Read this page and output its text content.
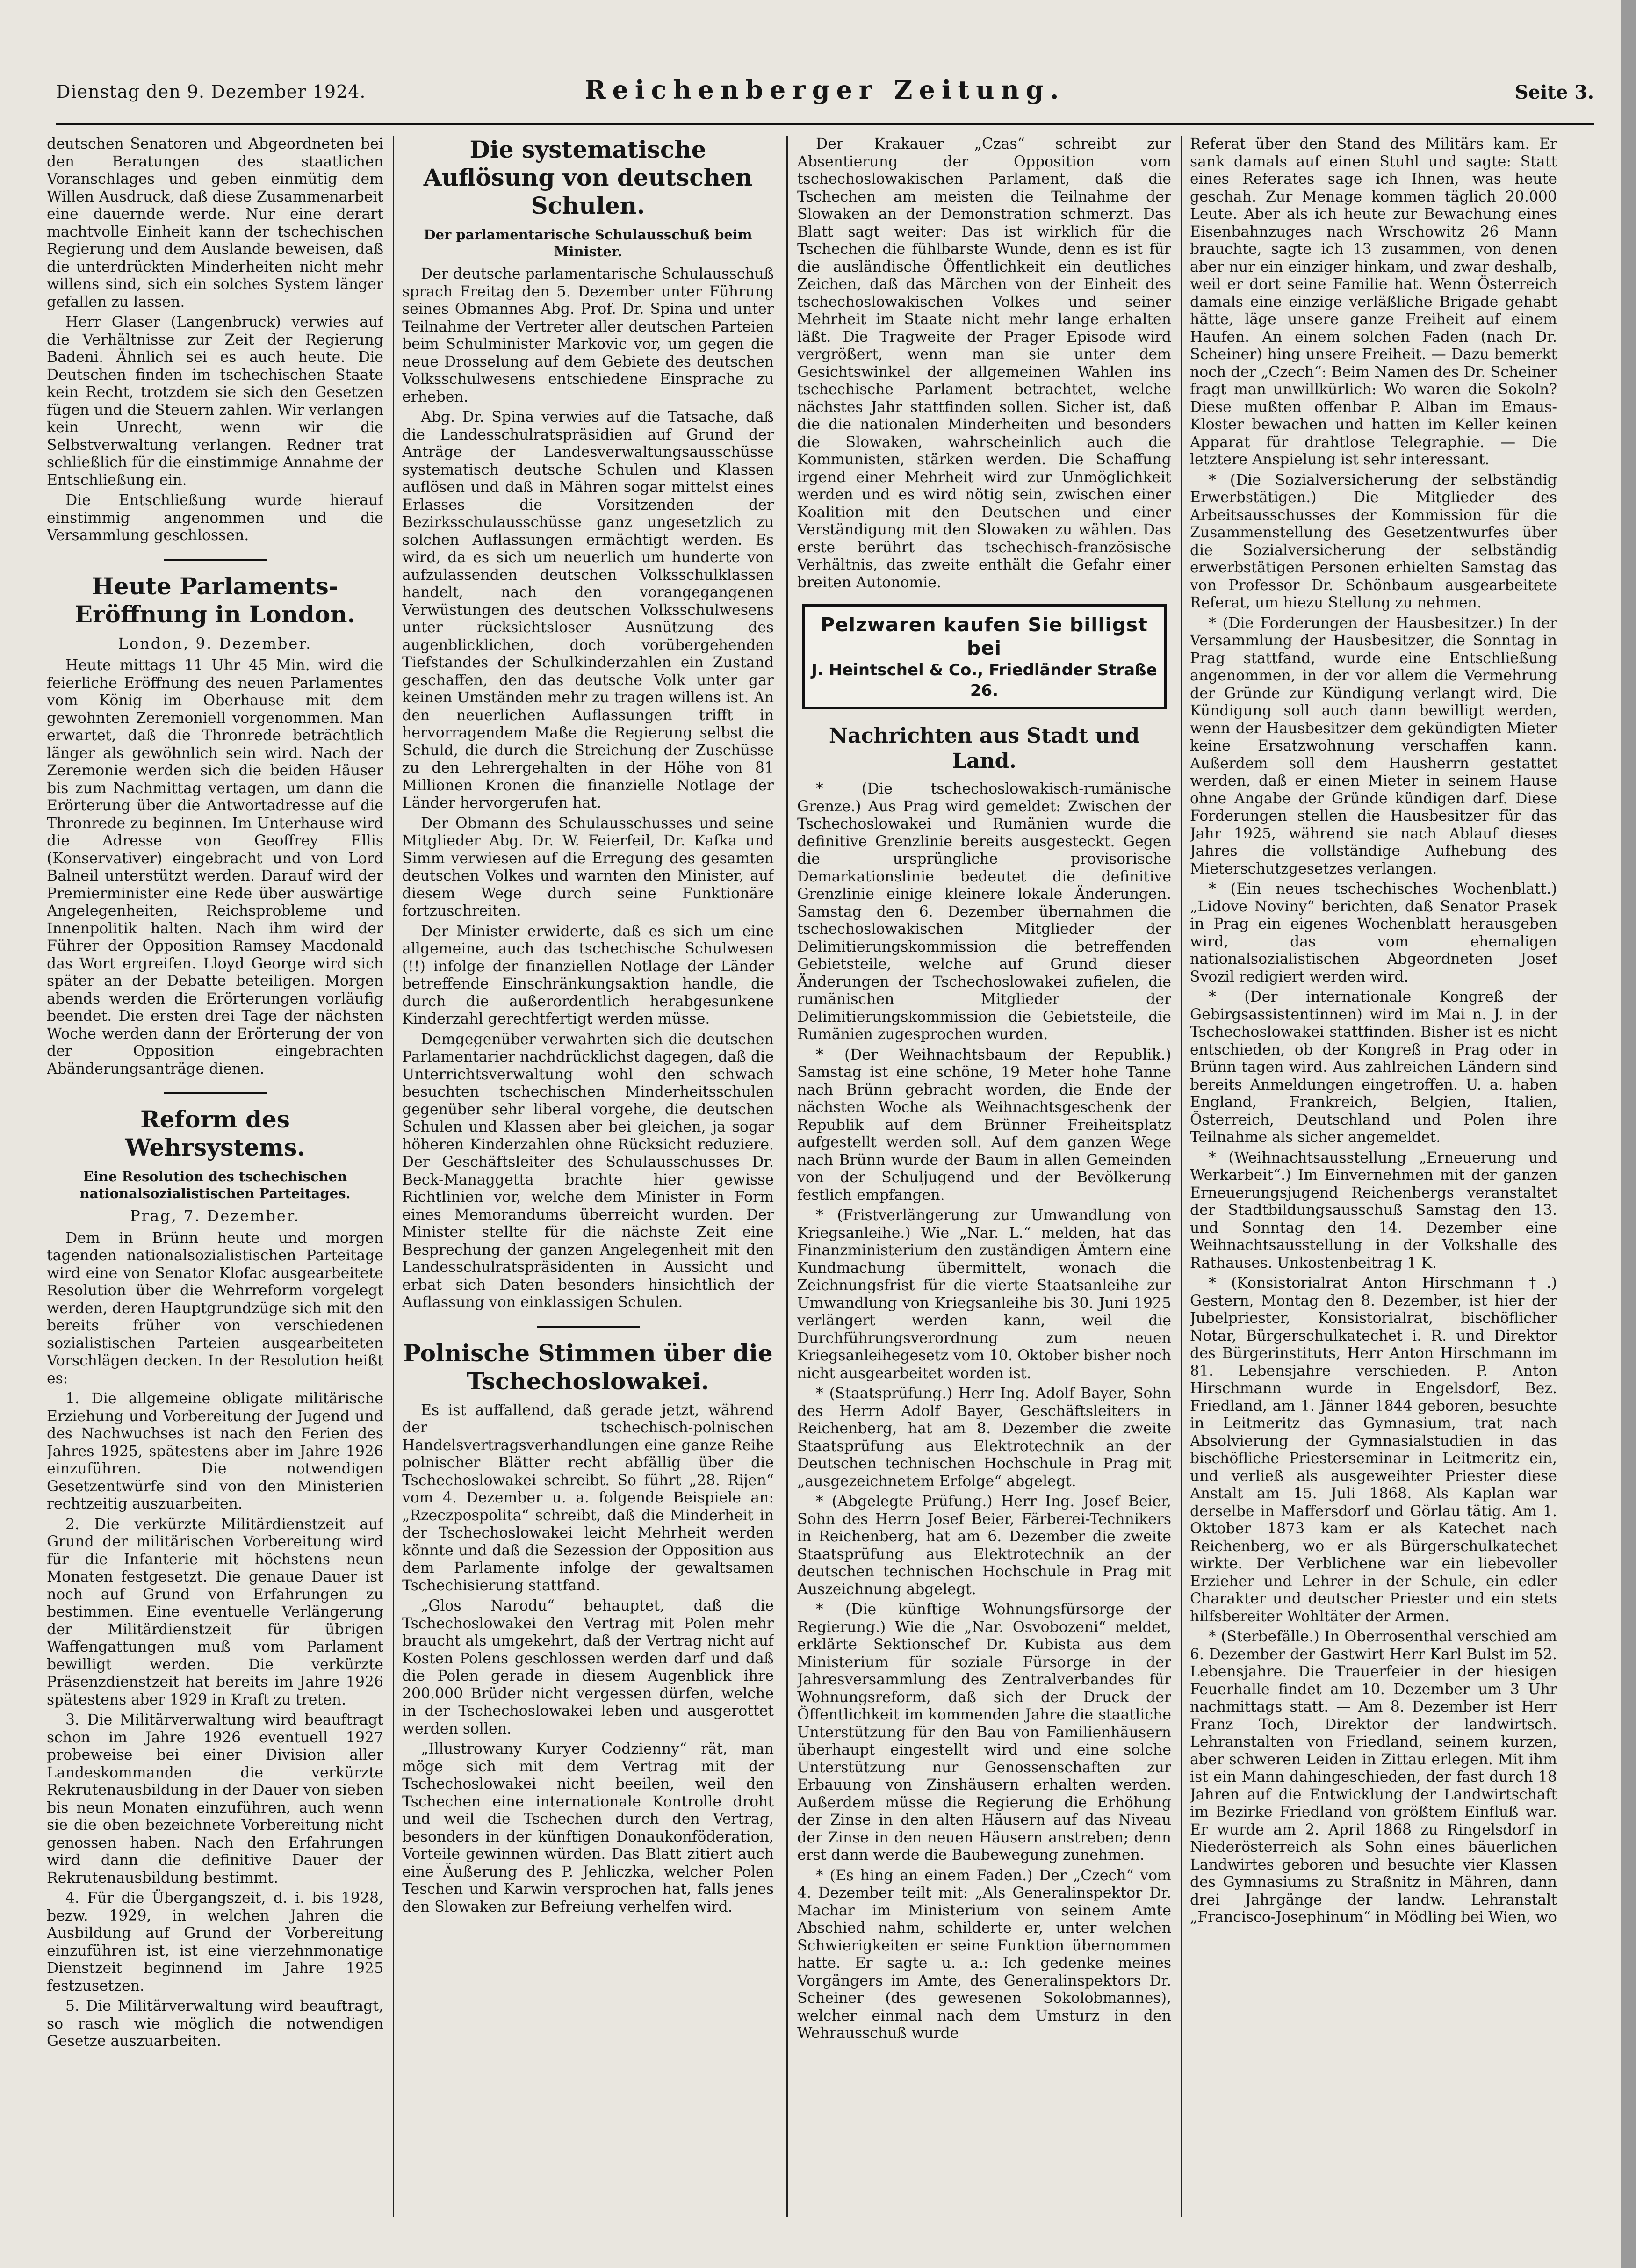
Dienstag den 9. Dezember 1924.	Reichenberger Zeitung.	Seite 3.

deutschen Senatoren und Abgeordneten bei den Beratungen des staatlichen Voranschlages und geben einmütig dem Willen Ausdruck, daß diese Zusammenarbeit eine dauernde werde. Nur eine derart machtvolle Einheit kann der tschechischen Regierung und dem Auslande beweisen, daß die unterdrückten Minderheiten nicht mehr willens sind, sich ein solches System länger gefallen zu lassen.

Herr Glaser (Langenbruck) verwies auf die Verhältnisse zur Zeit der Regierung Badeni. Ähnlich sei es auch heute. Die Deutschen finden im tschechischen Staate kein Recht, trotzdem sie sich den Gesetzen fügen und die Steuern zahlen. Wir verlangen kein Unrecht, wenn wir die Selbstverwaltung verlangen. Redner trat schließlich für die einstimmige Annahme der Entschließung ein.

Die Entschließung wurde hierauf einstimmig angenommen und die Versammlung geschlossen.

Heute Parlaments-Eröffnung in London.
London, 9. Dezember.

Heute mittags 11 Uhr 45 Min. wird die feierliche Eröffnung des neuen Parlamentes vom König im Oberhause mit dem gewohnten Zeremoniell vorgenommen. Man erwartet, daß die Thronrede beträchtlich länger als gewöhnlich sein wird. Nach der Zeremonie werden sich die beiden Häuser bis zum Nachmittag vertagen, um dann die Erörterung über die Antwortadresse auf die Thronrede zu beginnen. Im Unterhause wird die Adresse von Geoffrey Ellis (Konservativer) eingebracht und von Lord Balneil unterstützt werden. Darauf wird der Premierminister eine Rede über auswärtige Angelegenheiten, Reichsprobleme und Innenpolitik halten. Nach ihm wird der Führer der Opposition Ramsey Macdonald das Wort ergreifen. Lloyd George wird sich später an der Debatte beteiligen. Morgen abends werden die Erörterungen vorläufig beendet. Die ersten drei Tage der nächsten Woche werden dann der Erörterung der von der Opposition eingebrachten Abänderungsanträge dienen.

Reform des Wehrsystems.
Eine Resolution des tschechischen nationalsozialistischen Parteitages.
Prag, 7. Dezember.

Dem in Brünn heute und morgen tagenden nationalsozialistischen Parteitage wird eine von Senator Klofac ausgearbeitete Resolution über die Wehrreform vorgelegt werden, deren Hauptgrundzüge sich mit den bereits früher von verschiedenen sozialistischen Parteien ausgearbeiteten Vorschlägen decken. In der Resolution heißt es:

1. Die allgemeine obligate militärische Erziehung und Vorbereitung der Jugend und des Nachwuchses ist nach den Ferien des Jahres 1925, spätestens aber im Jahre 1926 einzuführen. Die notwendigen Gesetzentwürfe sind von den Ministerien rechtzeitig auszuarbeiten.

2. Die verkürzte Militärdienstzeit auf Grund der militärischen Vorbereitung wird für die Infanterie mit höchstens neun Monaten festgesetzt. Die genaue Dauer ist noch auf Grund von Erfahrungen zu bestimmen. Eine eventuelle Verlängerung der Militärdienstzeit für übrigen Waffengattungen muß vom Parlament bewilligt werden. Die verkürzte Präsenzdienstzeit hat bereits im Jahre 1926 spätestens aber 1929 in Kraft zu treten.

3. Die Militärverwaltung wird beauftragt schon im Jahre 1926 eventuell 1927 probeweise bei einer Division aller Landeskommanden die verkürzte Rekrutenausbildung in der Dauer von sieben bis neun Monaten einzuführen, auch wenn sie die oben bezeichnete Vorbereitung nicht genossen haben. Nach den Erfahrungen wird dann die definitive Dauer der Rekrutenausbildung bestimmt.

4. Für die Übergangszeit, d. i. bis 1928, bezw. 1929, in welchen Jahren die Ausbildung auf Grund der Vorbereitung einzuführen ist, ist eine vierzehnmonatige Dienstzeit beginnend im Jahre 1925 festzusetzen.

5. Die Militärverwaltung wird beauftragt, so rasch wie möglich die notwendigen Gesetze auszuarbeiten.

Die systematische Auflösung von deutschen Schulen.
Der parlamentarische Schulausschuß beim Minister.

Der deutsche parlamentarische Schulausschuß sprach Freitag den 5. Dezember unter Führung seines Obmannes Abg. Prof. Dr. Spina und unter Teilnahme der Vertreter aller deutschen Parteien beim Schulminister Markovic vor, um gegen die neue Drosselung auf dem Gebiete des deutschen Volksschulwesens entschiedene Einsprache zu erheben.

Abg. Dr. Spina verwies auf die Tatsache, daß die Landesschulratspräsidien auf Grund der Anträge der Landesverwaltungsausschüsse systematisch deutsche Schulen und Klassen auflösen und daß in Mähren sogar mittelst eines Erlasses die Vorsitzenden der Bezirksschulausschüsse ganz ungesetzlich zu solchen Auflassungen ermächtigt werden. Es wird, da es sich um neuerlich um hunderte von aufzulassenden deutschen Volksschulklassen handelt, nach den vorangegangenen Verwüstungen des deutschen Volksschulwesens unter rücksichtsloser Ausnützung des augenblicklichen, doch vorübergehenden Tiefstandes der Schulkinderzahlen ein Zustand geschaffen, den das deutsche Volk unter gar keinen Umständen mehr zu tragen willens ist. An den neuerlichen Auflassungen trifft in hervorragendem Maße die Regierung selbst die Schuld, die durch die Streichung der Zuschüsse zu den Lehrergehalten in der Höhe von 81 Millionen Kronen die finanzielle Notlage der Länder hervorgerufen hat.

Der Obmann des Schulausschusses und seine Mitglieder Abg. Dr. W. Feierfeil, Dr. Kafka und Simm verwiesen auf die Erregung des gesamten deutschen Volkes und warnten den Minister, auf diesem Wege durch seine Funktionäre fortzuschreiten.

Der Minister erwiderte, daß es sich um eine allgemeine, auch das tschechische Schulwesen (!!) infolge der finanziellen Notlage der Länder betreffende Einschränkungsaktion handle, die durch die außerordentlich herabgesunkene Kinderzahl gerechtfertigt werden müsse.

Demgegenüber verwahrten sich die deutschen Parlamentarier nachdrücklichst dagegen, daß die Unterrichtsverwaltung wohl den schwach besuchten tschechischen Minderheitsschulen gegenüber sehr liberal vorgehe, die deutschen Schulen und Klassen aber bei gleichen, ja sogar höheren Kinderzahlen ohne Rücksicht reduziere. Der Geschäftsleiter des Schulausschusses Dr. Beck-Managgetta brachte hier gewisse Richtlinien vor, welche dem Minister in Form eines Memorandums überreicht wurden. Der Minister stellte für die nächste Zeit eine Besprechung der ganzen Angelegenheit mit den Landesschulratspräsidenten in Aussicht und erbat sich Daten besonders hinsichtlich der Auflassung von einklassigen Schulen.

Polnische Stimmen über die Tschechoslowakei.

Es ist auffallend, daß gerade jetzt, während der tschechisch-polnischen Handelsvertragsverhandlungen eine ganze Reihe polnischer Blätter recht abfällig über die Tschechoslowakei schreibt. So führt „28. Rijen“ vom 4. Dezember u. a. folgende Beispiele an: „Rzeczpospolita“ schreibt, daß die Minderheit in der Tschechoslowakei leicht Mehrheit werden könnte und daß die Sezession der Opposition aus dem Parlamente infolge der gewaltsamen Tschechisierung stattfand.

„Glos Narodu“ behauptet, daß die Tschechoslowakei den Vertrag mit Polen mehr braucht als umgekehrt, daß der Vertrag nicht auf Kosten Polens geschlossen werden darf und daß die Polen gerade in diesem Augenblick ihre 200.000 Brüder nicht vergessen dürfen, welche in der Tschechoslowakei leben und ausgerottet werden sollen.

„Illustrowany Kuryer Codzienny“ rät, man möge sich mit dem Vertrag mit der Tschechoslowakei nicht beeilen, weil den Tschechen eine internationale Kontrolle droht und weil die Tschechen durch den Vertrag, besonders in der künftigen Donaukonföderation, Vorteile gewinnen würden. Das Blatt zitiert auch eine Äußerung des P. Jehliczka, welcher Polen Teschen und Karwin versprochen hat, falls jenes den Slowaken zur Befreiung verhelfen wird.

Der Krakauer „Czas“ schreibt zur Absentierung der Opposition vom tschechoslowakischen Parlament, daß die Tschechen am meisten die Teilnahme der Slowaken an der Demonstration schmerzt. Das Blatt sagt weiter: Das ist wirklich für die Tschechen die fühlbarste Wunde, denn es ist für die ausländische Öffentlichkeit ein deutliches Zeichen, daß das Märchen von der Einheit des tschechoslowakischen Volkes und seiner Mehrheit im Staate nicht mehr lange erhalten läßt. Die Tragweite der Prager Episode wird vergrößert, wenn man sie unter dem Gesichtswinkel der allgemeinen Wahlen ins tschechische Parlament betrachtet, welche nächstes Jahr stattfinden sollen. Sicher ist, daß die die nationalen Minderheiten und besonders die Slowaken, wahrscheinlich auch die Kommunisten, stärken werden. Die Schaffung irgend einer Mehrheit wird zur Unmöglichkeit werden und es wird nötig sein, zwischen einer Koalition mit den Deutschen und einer Verständigung mit den Slowaken zu wählen. Das erste berührt das tschechisch-französische Verhältnis, das zweite enthält die Gefahr einer breiten Autonomie.

Pelzwaren kaufen Sie billigst bei
J. Heintschel & Co., Friedländer Straße 26.
Nachrichten aus Stadt und Land.

* (Die tschechoslowakisch-rumänische Grenze.) Aus Prag wird gemeldet: Zwischen der Tschechoslowakei und Rumänien wurde die definitive Grenzlinie bereits ausgesteckt. Gegen die ursprüngliche provisorische Demarkationslinie bedeutet die definitive Grenzlinie einige kleinere lokale Änderungen. Samstag den 6. Dezember übernahmen die tschechoslowakischen Mitglieder der Delimitierungskommission die betreffenden Gebietsteile, welche auf Grund dieser Änderungen der Tschechoslowakei zufielen, die rumänischen Mitglieder der Delimitierungskommission die Gebietsteile, die Rumänien zugesprochen wurden.

* (Der Weihnachtsbaum der Republik.) Samstag ist eine schöne, 19 Meter hohe Tanne nach Brünn gebracht worden, die Ende der nächsten Woche als Weihnachtsgeschenk der Republik auf dem Brünner Freiheitsplatz aufgestellt werden soll. Auf dem ganzen Wege nach Brünn wurde der Baum in allen Gemeinden von der Schuljugend und der Bevölkerung festlich empfangen.

* (Fristverlängerung zur Umwandlung von Kriegsanleihe.) Wie „Nar. L.“ melden, hat das Finanzministerium den zuständigen Ämtern eine Kundmachung übermittelt, wonach die Zeichnungsfrist für die vierte Staatsanleihe zur Umwandlung von Kriegsanleihe bis 30. Juni 1925 verlängert werden kann, weil die Durchführungsverordnung zum neuen Kriegsanleihegesetz vom 10. Oktober bisher noch nicht ausgearbeitet worden ist.

* (Staatsprüfung.) Herr Ing. Adolf Bayer, Sohn des Herrn Adolf Bayer, Geschäftsleiters in Reichenberg, hat am 8. Dezember die zweite Staatsprüfung aus Elektrotechnik an der Deutschen technischen Hochschule in Prag mit „ausgezeichnetem Erfolge“ abgelegt.

* (Abgelegte Prüfung.) Herr Ing. Josef Beier, Sohn des Herrn Josef Beier, Färberei-Technikers in Reichenberg, hat am 6. Dezember die zweite Staatsprüfung aus Elektrotechnik an der deutschen technischen Hochschule in Prag mit Auszeichnung abgelegt.

* (Die künftige Wohnungsfürsorge der Regierung.) Wie die „Nar. Osvobozeni“ meldet, erklärte Sektionschef Dr. Kubista aus dem Ministerium für soziale Fürsorge in der Jahresversammlung des Zentralverbandes für Wohnungsreform, daß sich der Druck der Öffentlichkeit im kommenden Jahre die staatliche Unterstützung für den Bau von Familienhäusern überhaupt eingestellt wird und eine solche Unterstützung nur Genossenschaften zur Erbauung von Zinshäusern erhalten werden. Außerdem müsse die Regierung die Erhöhung der Zinse in den alten Häusern auf das Niveau der Zinse in den neuen Häusern anstreben; denn erst dann werde die Baubewegung zunehmen.

* (Es hing an einem Faden.) Der „Czech“ vom 4. Dezember teilt mit: „Als Generalinspektor Dr. Machar im Ministerium von seinem Amte Abschied nahm, schilderte er, unter welchen Schwierigkeiten er seine Funktion übernommen hatte. Er sagte u. a.: Ich gedenke meines Vorgängers im Amte, des Generalinspektors Dr. Scheiner (des gewesenen Sokolobmannes), welcher einmal nach dem Umsturz in den Wehrausschuß wurde

Referat über den Stand des Militärs kam. Er sank damals auf einen Stuhl und sagte: Statt eines Referates sage ich Ihnen, was heute geschah. Zur Menage kommen täglich 20.000 Leute. Aber als ich heute zur Bewachung eines Eisenbahnzuges nach Wrschowitz 26 Mann brauchte, sagte ich 13 zusammen, von denen aber nur ein einziger hinkam, und zwar deshalb, weil er dort seine Familie hat. Wenn Österreich damals eine einzige verläßliche Brigade gehabt hätte, läge unsere ganze Freiheit auf einem Haufen. An einem solchen Faden (nach Dr. Scheiner) hing unsere Freiheit. — Dazu bemerkt noch der „Czech“: Beim Namen des Dr. Scheiner fragt man unwillkürlich: Wo waren die Sokoln? Diese mußten offenbar P. Alban im Emaus-Kloster bewachen und hatten im Keller keinen Apparat für drahtlose Telegraphie. — Die letztere Anspielung ist sehr interessant.

* (Die Sozialversicherung der selbständig Erwerbstätigen.) Die Mitglieder des Arbeitsausschusses der Kommission für die Zusammenstellung des Gesetzentwurfes über die Sozialversicherung der selbständig erwerbstätigen Personen erhielten Samstag das von Professor Dr. Schönbaum ausgearbeitete Referat, um hiezu Stellung zu nehmen.

* (Die Forderungen der Hausbesitzer.) In der Versammlung der Hausbesitzer, die Sonntag in Prag stattfand, wurde eine Entschließung angenommen, in der vor allem die Vermehrung der Gründe zur Kündigung verlangt wird. Die Kündigung soll auch dann bewilligt werden, wenn der Hausbesitzer dem gekündigten Mieter keine Ersatzwohnung verschaffen kann. Außerdem soll dem Hausherrn gestattet werden, daß er einen Mieter in seinem Hause ohne Angabe der Gründe kündigen darf. Diese Forderungen stellen die Hausbesitzer für das Jahr 1925, während sie nach Ablauf dieses Jahres die vollständige Aufhebung des Mieterschutzgesetzes verlangen.

* (Ein neues tschechisches Wochenblatt.) „Lidove Noviny“ berichten, daß Senator Prasek in Prag ein eigenes Wochenblatt herausgeben wird, das vom ehemaligen nationalsozialistischen Abgeordneten Josef Svozil redigiert werden wird.

* (Der internationale Kongreß der Gebirgsassistentinnen) wird im Mai n. J. in der Tschechoslowakei stattfinden. Bisher ist es nicht entschieden, ob der Kongreß in Prag oder in Brünn tagen wird. Aus zahlreichen Ländern sind bereits Anmeldungen eingetroffen. U. a. haben England, Frankreich, Belgien, Italien, Österreich, Deutschland und Polen ihre Teilnahme als sicher angemeldet.

* (Weihnachtsausstellung „Erneuerung und Werkarbeit“.) Im Einvernehmen mit der ganzen Erneuerungsjugend Reichenbergs veranstaltet der Stadtbildungsausschuß Samstag den 13. und Sonntag den 14. Dezember eine Weihnachtsausstellung in der Volkshalle des Rathauses. Unkostenbeitrag 1 K.

* (Konsistorialrat Anton Hirschmann †.) Gestern, Montag den 8. Dezember, ist hier der Jubelpriester, Konsistorialrat, bischöflicher Notar, Bürgerschulkatechet i. R. und Direktor des Bürgerinstituts, Herr Anton Hirschmann im 81. Lebensjahre verschieden. P. Anton Hirschmann wurde in Engelsdorf, Bez. Friedland, am 1. Jänner 1844 geboren, besuchte in Leitmeritz das Gymnasium, trat nach Absolvierung der Gymnasialstudien in das bischöfliche Priesterseminar in Leitmeritz ein, und verließ als ausgeweihter Priester diese Anstalt am 15. Juli 1868. Als Kaplan war derselbe in Maffersdorf und Görlau tätig. Am 1. Oktober 1873 kam er als Katechet nach Reichenberg, wo er als Bürgerschulkatechet wirkte. Der Verblichene war ein liebevoller Erzieher und Lehrer in der Schule, ein edler Charakter und deutscher Priester und ein stets hilfsbereiter Wohltäter der Armen.

* (Sterbefälle.) In Oberrosenthal verschied am 6. Dezember der Gastwirt Herr Karl Bulst im 52. Lebensjahre. Die Trauerfeier in der hiesigen Feuerhalle findet am 10. Dezember um 3 Uhr nachmittags statt. — Am 8. Dezember ist Herr Franz Toch, Direktor der landwirtsch. Lehranstalten von Friedland, seinem kurzen, aber schweren Leiden in Zittau erlegen. Mit ihm ist ein Mann dahingeschieden, der fast durch 18 Jahren auf die Entwicklung der Landwirtschaft im Bezirke Friedland von größtem Einfluß war. Er wurde am 2. April 1868 zu Ringelsdorf in Niederösterreich als Sohn eines bäuerlichen Landwirtes geboren und besuchte vier Klassen des Gymnasiums zu Straßnitz in Mähren, dann drei Jahrgänge der landw. Lehranstalt „Francisco-Josephinum“ in Mödling bei Wien, wo
